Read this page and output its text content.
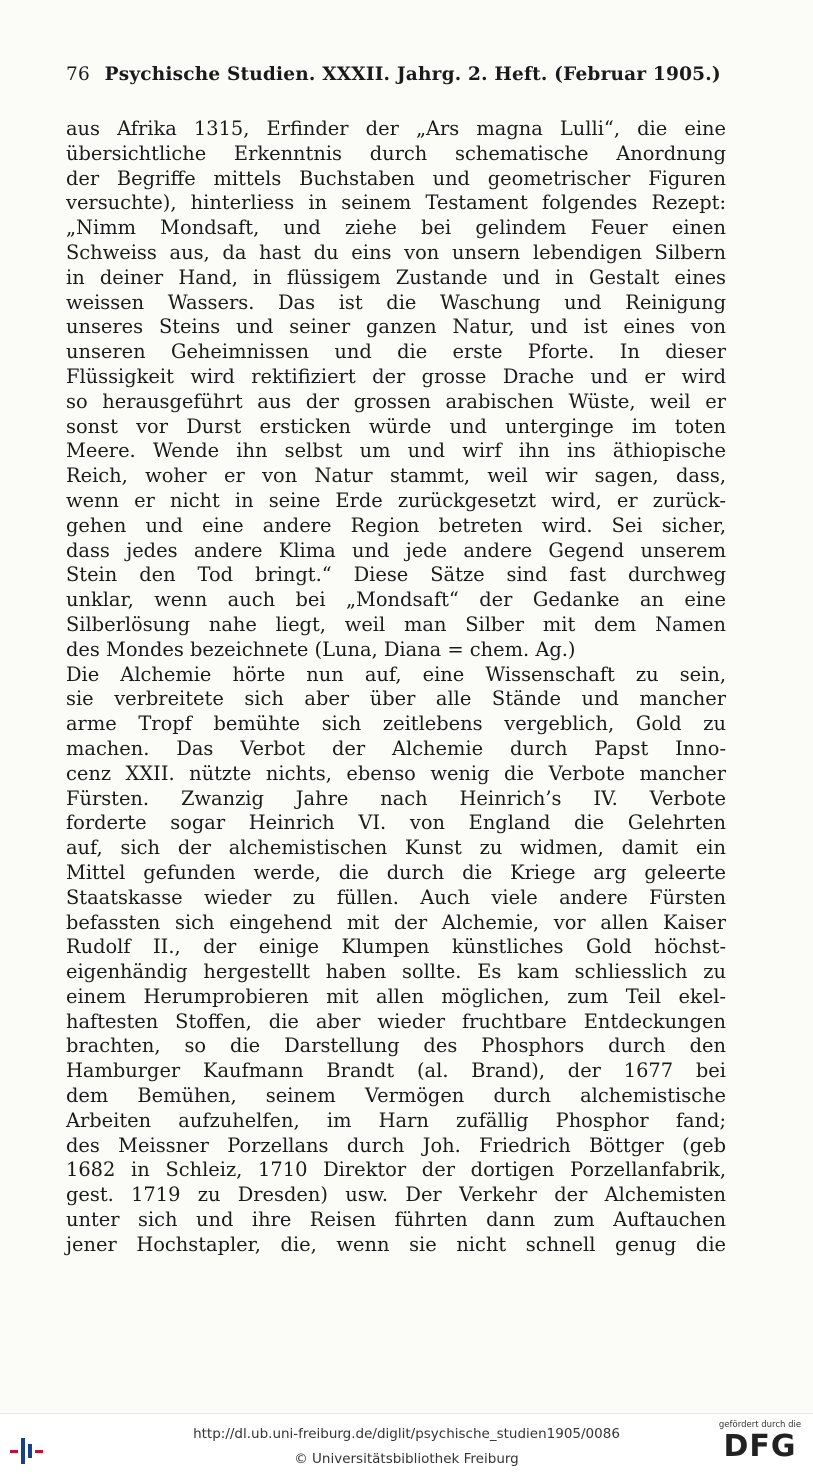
76 Psychische Studien. XXXII. Jahrg. 2. Heft. (Februar 1905.)
aus Afrika 1315, Erfinder der „Ars magna Lulli“, die eine
übersichtliche Erkenntnis durch schematische Anordnung
der Begriffe mittels Buchstaben und geometrischer Figuren
versuchte), hinterliess in seinem Testament folgendes Rezept:
„Nimm Mondsaft, und ziehe bei gelindem Feuer einen
Schweiss aus, da hast du eins von unsern lebendigen Silbern
in deiner Hand, in flüssigem Zustande und in Gestalt eines
weissen Wassers. Das ist die Waschung und Reinigung
unseres Steins und seiner ganzen Natur, und ist eines von
unseren Geheimnissen und die erste Pforte. In dieser
Flüssigkeit wird rektifiziert der grosse Drache und er wird
so herausgeführt aus der grossen arabischen Wüste, weil er
sonst vor Durst ersticken würde und unterginge im toten
Meere. Wende ihn selbst um und wirf ihn ins äthiopische
Reich, woher er von Natur stammt, weil wir sagen, dass,
wenn er nicht in seine Erde zurückgesetzt wird, er zurück-
gehen und eine andere Region betreten wird. Sei sicher,
dass jedes andere Klima und jede andere Gegend unserem
Stein den Tod bringt.“ Diese Sätze sind fast durchweg
unklar, wenn auch bei „Mondsaft“ der Gedanke an eine
Silberlösung nahe liegt, weil man Silber mit dem Namen
des Mondes bezeichnete (Luna, Diana = chem. Ag.)
Die Alchemie hörte nun auf, eine Wissenschaft zu sein,
sie verbreitete sich aber über alle Stände und mancher
arme Tropf bemühte sich zeitlebens vergeblich, Gold zu
machen. Das Verbot der Alchemie durch Papst Inno-
cenz XXII. nützte nichts, ebenso wenig die Verbote mancher
Fürsten. Zwanzig Jahre nach Heinrich’s IV. Verbote
forderte sogar Heinrich VI. von England die Gelehrten
auf, sich der alchemistischen Kunst zu widmen, damit ein
Mittel gefunden werde, die durch die Kriege arg geleerte
Staatskasse wieder zu füllen. Auch viele andere Fürsten
befassten sich eingehend mit der Alchemie, vor allen Kaiser
Rudolf II., der einige Klumpen künstliches Gold höchst-
eigenhändig hergestellt haben sollte. Es kam schliesslich zu
einem Herumprobieren mit allen möglichen, zum Teil ekel-
haftesten Stoffen, die aber wieder fruchtbare Entdeckungen
brachten, so die Darstellung des Phosphors durch den
Hamburger Kaufmann Brandt (al. Brand), der 1677 bei
dem Bemühen, seinem Vermögen durch alchemistische
Arbeiten aufzuhelfen, im Harn zufällig Phosphor fand;
des Meissner Porzellans durch Joh. Friedrich Böttger (geb
1682 in Schleiz, 1710 Direktor der dortigen Porzellanfabrik,
gest. 1719 zu Dresden) usw. Der Verkehr der Alchemisten
unter sich und ihre Reisen führten dann zum Auftauchen
jener Hochstapler, die, wenn sie nicht schnell genug die
http://dl.ub.uni-freiburg.de/diglit/psychische_studien1905/0086
© Universitätsbibliothek Freiburg
gefördert durch die
DFG
